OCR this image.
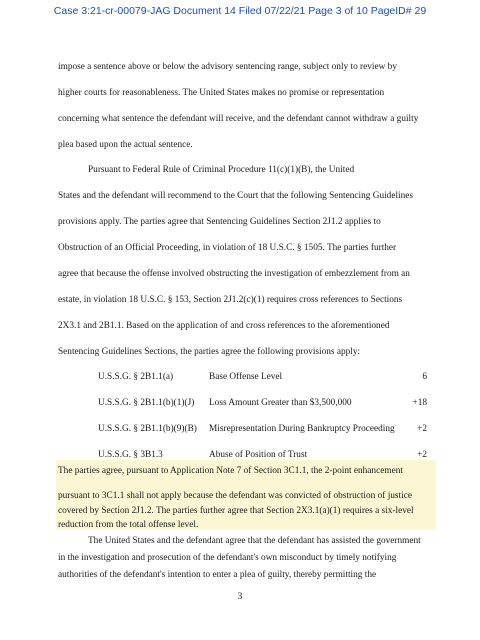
Case 3:21-cr-00079-JAG Document 14 Filed 07/22/21 Page 3 of 10 PageID# 29
impose a sentence above or below the advisory sentencing range, subject only to review by
higher courts for reasonableness. The United States makes no promise or representation
concerning what sentence the defendant will receive, and the defendant cannot withdraw a guilty
plea based upon the actual sentence.
Pursuant to Federal Rule of Criminal Procedure 11(c)(1)(B), the United
States and the defendant will recommend to the Court that the following Sentencing Guidelines
provisions apply. The parties agree that Sentencing Guidelines Section 2J1.2 applies to
Obstruction of an Official Proceeding, in violation of 18 U.S.C. § 1505. The parties further
agree that because the offense involved obstructing the investigation of embezzlement from an
estate, in violation 18 U.S.C. § 153, Section 2J1.2(c)(1) requires cross references to Sections
2X3.1 and 2B1.1. Based on the application of and cross references to the aforementioned
Sentencing Guidelines Sections, the parties agree the following provisions apply:
U.S.S.G. § 2B1.1(a)	Base Offense Level	6
U.S.S.G. § 2B1.1(b)(1)(J) Loss Amount Greater than $3,500,000	+18
U.S.S.G. § 2B1.1(b)(9)(B) Misrepresentation During Bankruptcy Proceeding +2
U.S.S.G. § 3B1.3	Abuse of Position of Trust	+2
The parties agree, pursuant to Application Note 7 of Section 3C1.1, the 2-point enhancement
pursuant to 3C1.1 shall not apply because the defendant was convicted of obstruction of justice
covered by Section 2J1.2. The parties further agree that Section 2X3.1(a)(1) requires a six-level
reduction from the total offense level.
The United States and the defendant agree that the defendant has assisted the government
in the investigation and prosecution of the defendant's own misconduct by timely notifying
authorities of the defendant's intention to enter a plea of guilty, thereby permitting the
3
